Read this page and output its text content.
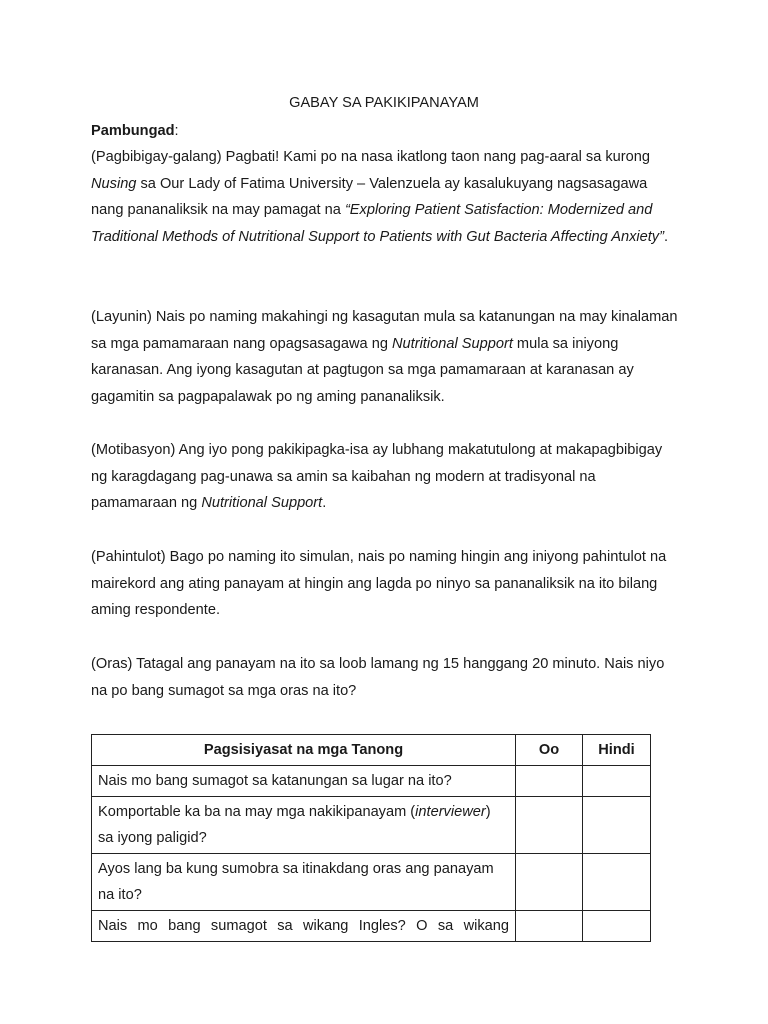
GABAY SA PAKIKIPANAYAM

Pambungad:

(Pagbibigay-galang) Pagbati! Kami po na nasa ikatlong taon nang pag-aaral sa kurong Nusing sa Our Lady of Fatima University – Valenzuela ay kasalukuyang nagsasagawa nang pananaliksik na may pamagat na “Exploring Patient Satisfaction: Modernized and Traditional Methods of Nutritional Support to Patients with Gut Bacteria Affecting Anxiety”.

(Layunin) Nais po naming makahingi ng kasagutan mula sa katanungan na may kinalaman sa mga pamamaraan nang opagsasagawa ng Nutritional Support mula sa iniyong karanasan. Ang iyong kasagutan at pagtugon sa mga pamamaraan at karanasan ay gagamitin sa pagpapalawak po ng aming pananaliksik.

(Motibasyon) Ang iyo pong pakikipagka-isa ay lubhang makatutulong at makapagbibigay ng karagdagang pag-unawa sa amin sa kaibahan ng modern at tradisyonal na pamamaraan ng Nutritional Support.

(Pahintulot) Bago po naming ito simulan, nais po naming hingin ang iniyong pahintulot na mairekord ang ating panayam at hingin ang lagda po ninyo sa pananaliksik na ito bilang aming respondente.

(Oras) Tatagal ang panayam na ito sa loob lamang ng 15 hanggang 20 minuto. Nais niyo na po bang sumagot sa mga oras na ito?

Pagsisiyasat na mga Tanong	Oo	Hindi
Nais mo bang sumagot sa katanungan sa lugar na ito?		
Komportable ka ba na may mga nakikipanayam (interviewer) sa iyong paligid?		
Ayos lang ba kung sumobra sa itinakdang oras ang panayam na ito?		
Nais mo bang sumagot sa wikang Ingles? O sa wikang		
